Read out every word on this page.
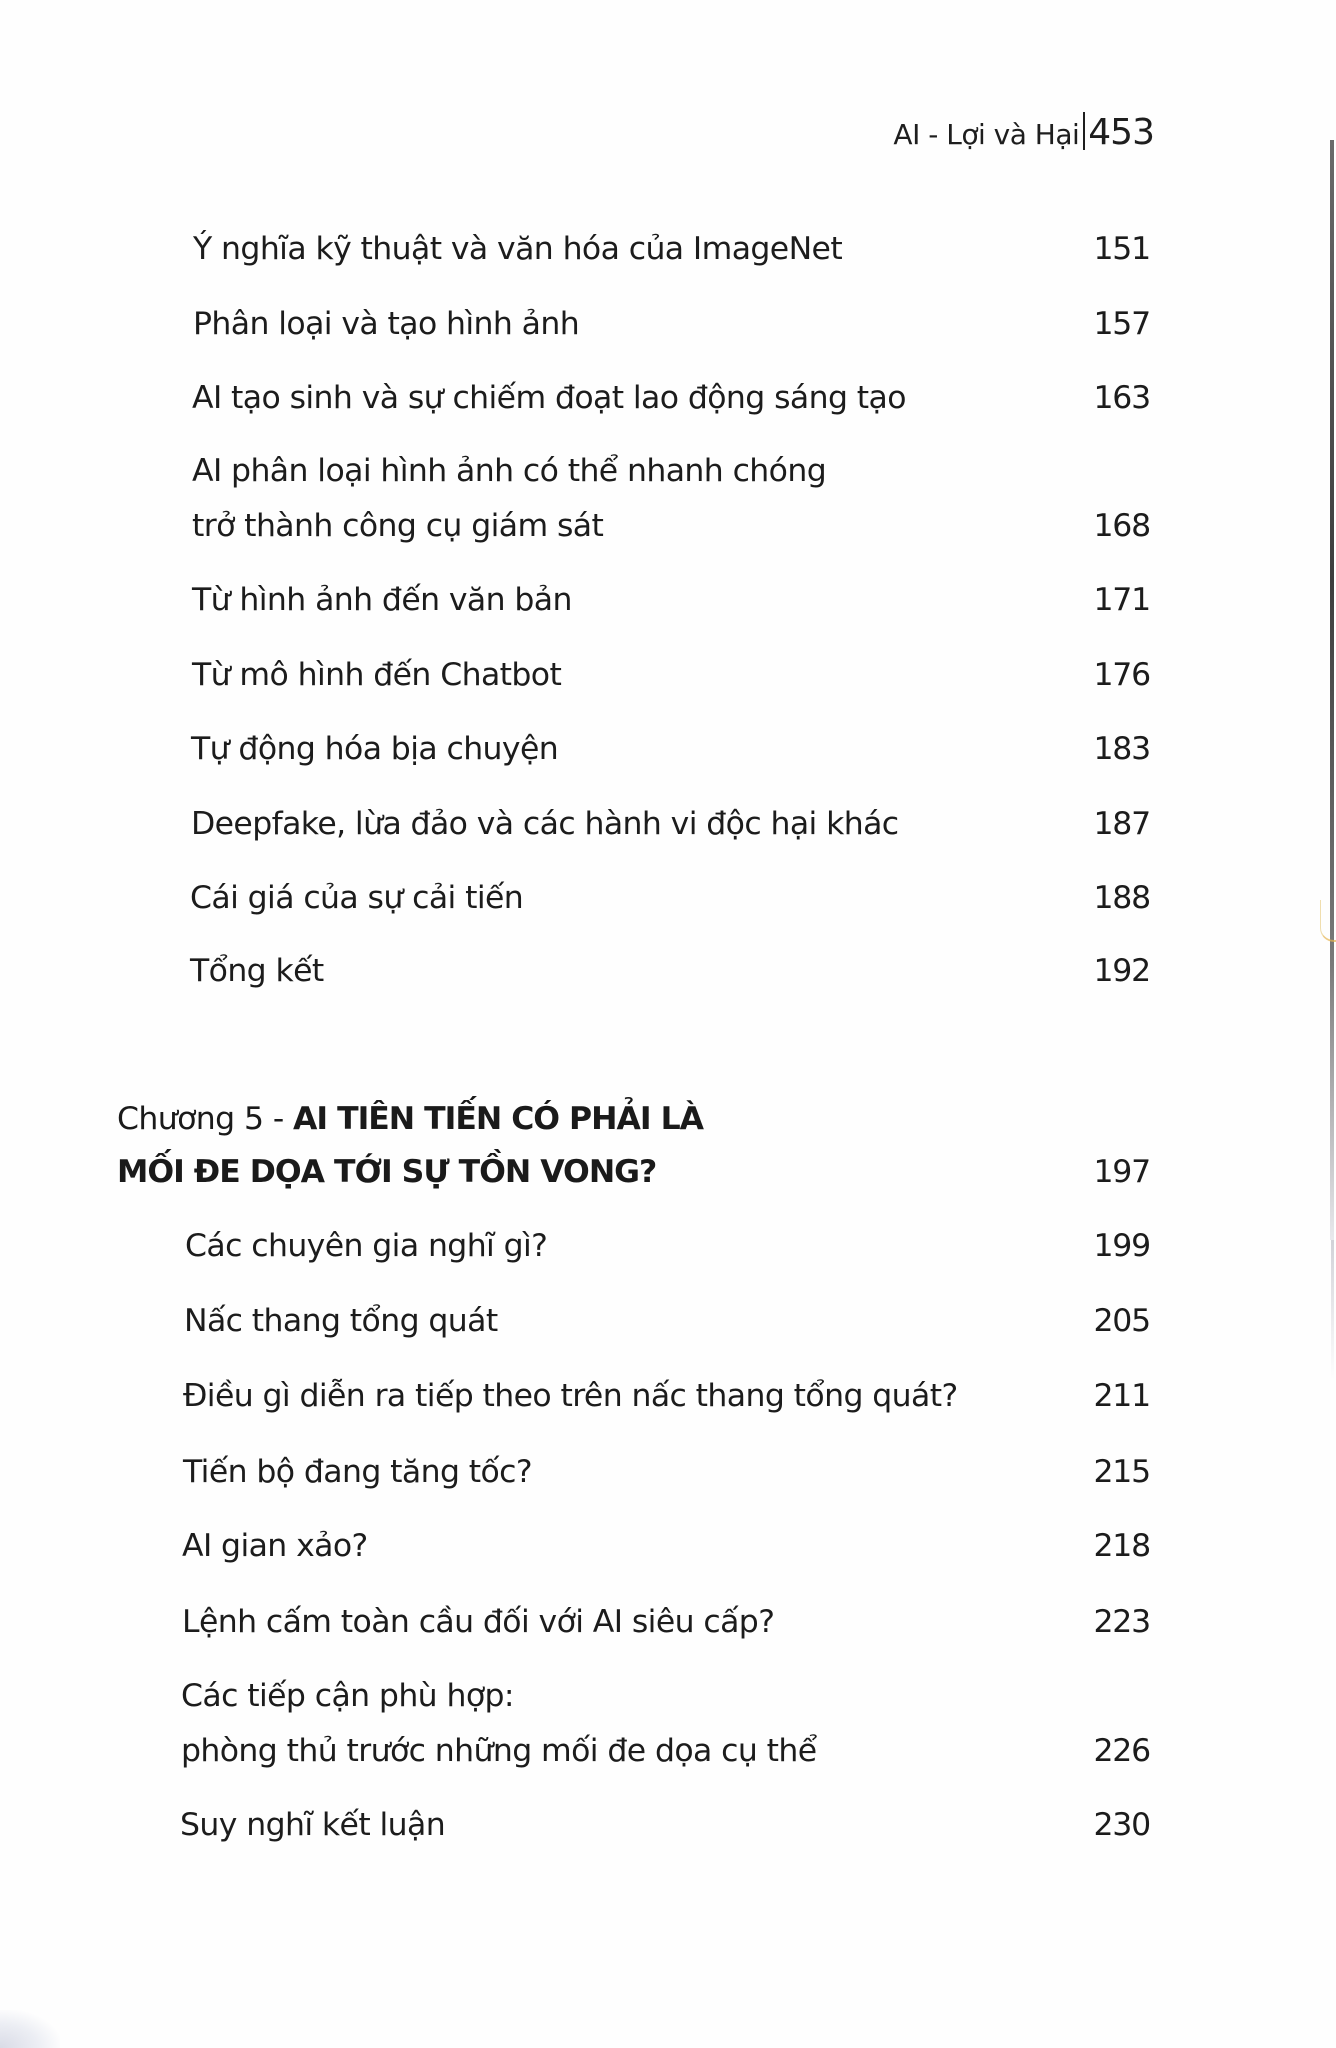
AI - Lợi và Hại 453
Ý nghĩa kỹ thuật và văn hóa của ImageNet	151
Phân loại và tạo hình ảnh	157
AI tạo sinh và sự chiếm đoạt lao động sáng tạo	163
AI phân loại hình ảnh có thể nhanh chóng
trở thành công cụ giám sát	168
Từ hình ảnh đến văn bản	171
Từ mô hình đến Chatbot	176
Tự động hóa bịa chuyện	183
Deepfake, lừa đảo và các hành vi độc hại khác	187
Cái giá của sự cải tiến	188
Tổng kết	192
Chương 5 - AI TIÊN TIẾN CÓ PHẢI LÀ
MỐI ĐE DỌA TỚI SỰ TỒN VONG?	197
Các chuyên gia nghĩ gì?	199
Nấc thang tổng quát	205
Điều gì diễn ra tiếp theo trên nấc thang tổng quát?	211
Tiến bộ đang tăng tốc?	215
AI gian xảo?	218
Lệnh cấm toàn cầu đối với AI siêu cấp?	223
Các tiếp cận phù hợp:
phòng thủ trước những mối đe dọa cụ thể	226
Suy nghĩ kết luận	230
